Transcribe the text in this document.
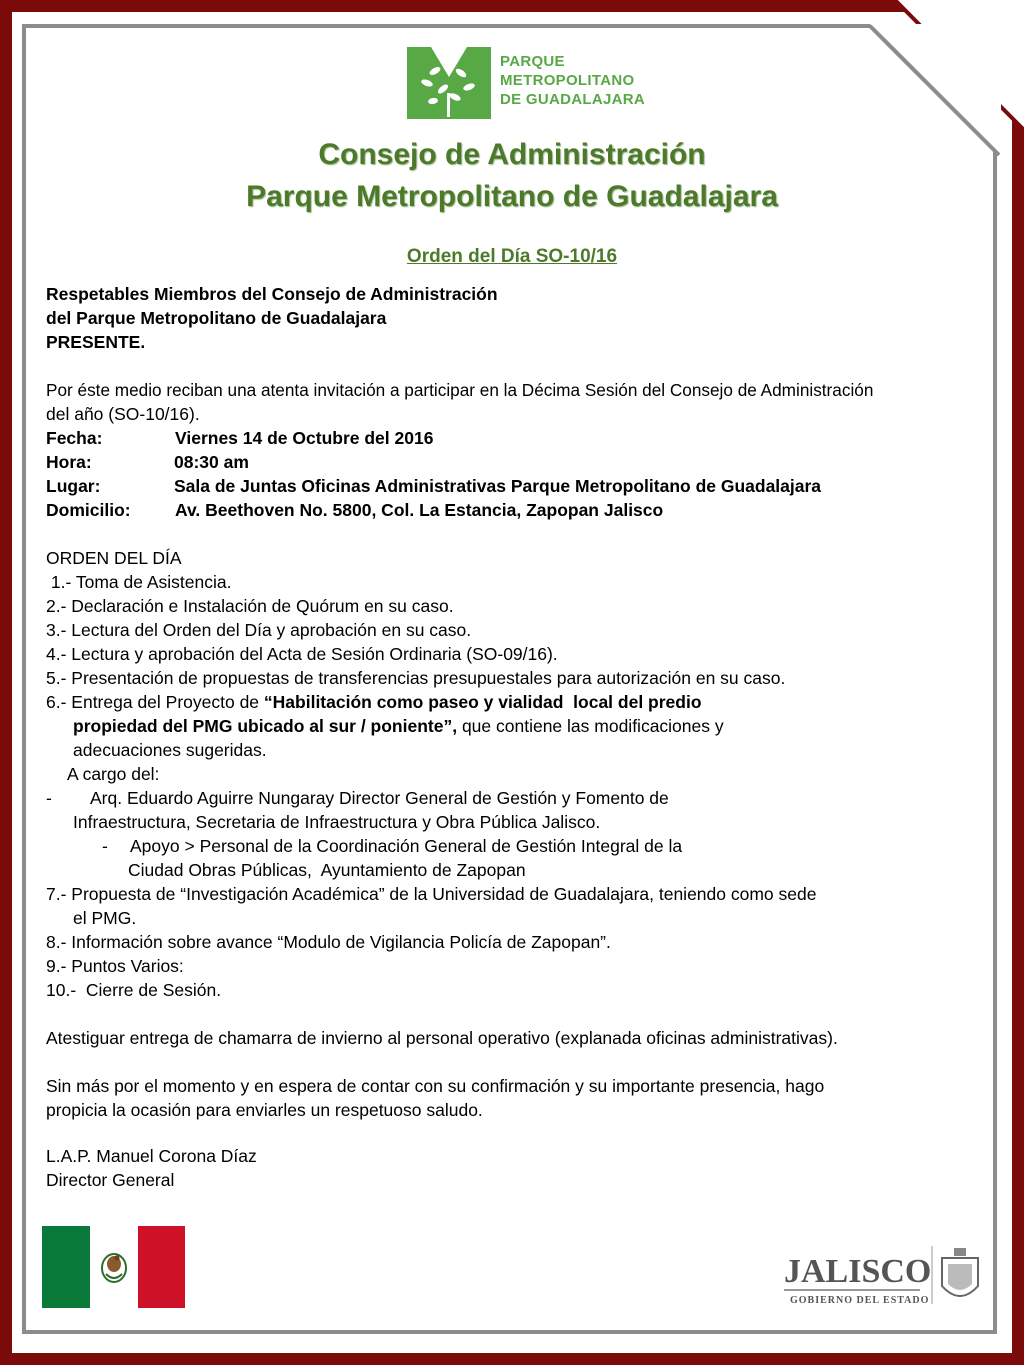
PARQUE
METROPOLITANO
DE GUADALAJARA
Consejo de Administración
Parque Metropolitano de Guadalajara
Orden del Día SO-10/16
Respetables Miembros del Consejo de Administración
del Parque Metropolitano de Guadalajara
PRESENTE.
Por éste medio reciban una atenta invitación a participar en la Décima Sesión del Consejo de Administración
del año (SO-10/16).
Fecha:	Viernes 14 de Octubre del 2016
Hora:	08:30 am
Lugar:	Sala de Juntas Oficinas Administrativas Parque Metropolitano de Guadalajara
Domicilio:	Av. Beethoven No. 5800, Col. La Estancia, Zapopan Jalisco
ORDEN DEL DÍA
1.- Toma de Asistencia.
2.- Declaración e Instalación de Quórum en su caso.
3.- Lectura del Orden del Día y aprobación en su caso.
4.- Lectura y aprobación del Acta de Sesión Ordinaria (SO-09/16).
5.- Presentación de propuestas de transferencias presupuestales para autorización en su caso.
6.- Entrega del Proyecto de “Habilitación como paseo y vialidad  local del predio
propiedad del PMG ubicado al sur / poniente”, que contiene las modificaciones y
adecuaciones sugeridas.
A cargo del:
- Arq. Eduardo Aguirre Nungaray Director General de Gestión y Fomento de
Infraestructura, Secretaria de Infraestructura y Obra Pública Jalisco.
- Apoyo > Personal de la Coordinación General de Gestión Integral de la
Ciudad Obras Públicas,  Ayuntamiento de Zapopan
7.- Propuesta de “Investigación Académica” de la Universidad de Guadalajara, teniendo como sede
el PMG.
8.- Información sobre avance “Modulo de Vigilancia Policía de Zapopan”.
9.- Puntos Varios:
10.-  Cierre de Sesión.
Atestiguar entrega de chamarra de invierno al personal operativo (explanada oficinas administrativas).
Sin más por el momento y en espera de contar con su confirmación y su importante presencia, hago
propicia la ocasión para enviarles un respetuoso saludo.
L.A.P. Manuel Corona Díaz
Director General
JALISCO
GOBIERNO DEL ESTADO
